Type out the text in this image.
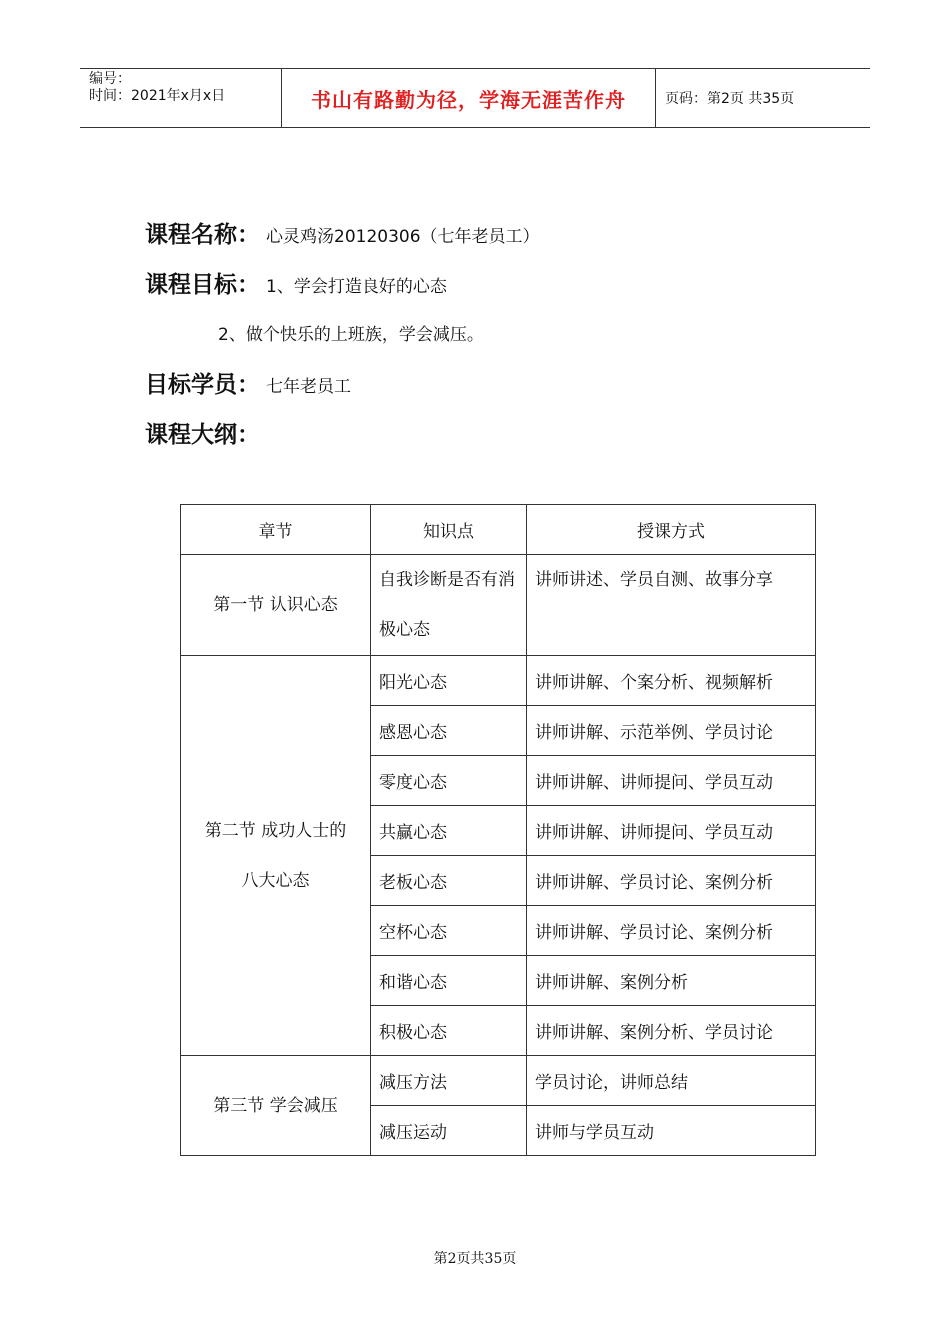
编号：
时间：2021年x月x日	书山有路勤为径，学海无涯苦作舟	页码：第2页 共35页
课程名称： 心灵鸡汤20120306（七年老员工）
课程目标： 1、学会打造良好的心态
2、做个快乐的上班族，学会减压。
目标学员： 七年老员工
课程大纲：
章节	知识点	授课方式
第一节 认识心态	自我诊断是否有消极心态	讲师讲述、学员自测、故事分享

第二节 成功人士的
八大心态	阳光心态	讲师讲解、个案分析、视频解析
	感恩心态	讲师讲解、示范举例、学员讨论
	零度心态	讲师讲解、讲师提问、学员互动
	共赢心态	讲师讲解、讲师提问、学员互动
	老板心态	讲师讲解、学员讨论、案例分析
	空杯心态	讲师讲解、学员讨论、案例分析
	和谐心态	讲师讲解、案例分析
	积极心态	讲师讲解、案例分析、学员讨论
第三节 学会减压	减压方法	学员讨论，讲师总结
	减压运动	讲师与学员互动
第2页共35页
